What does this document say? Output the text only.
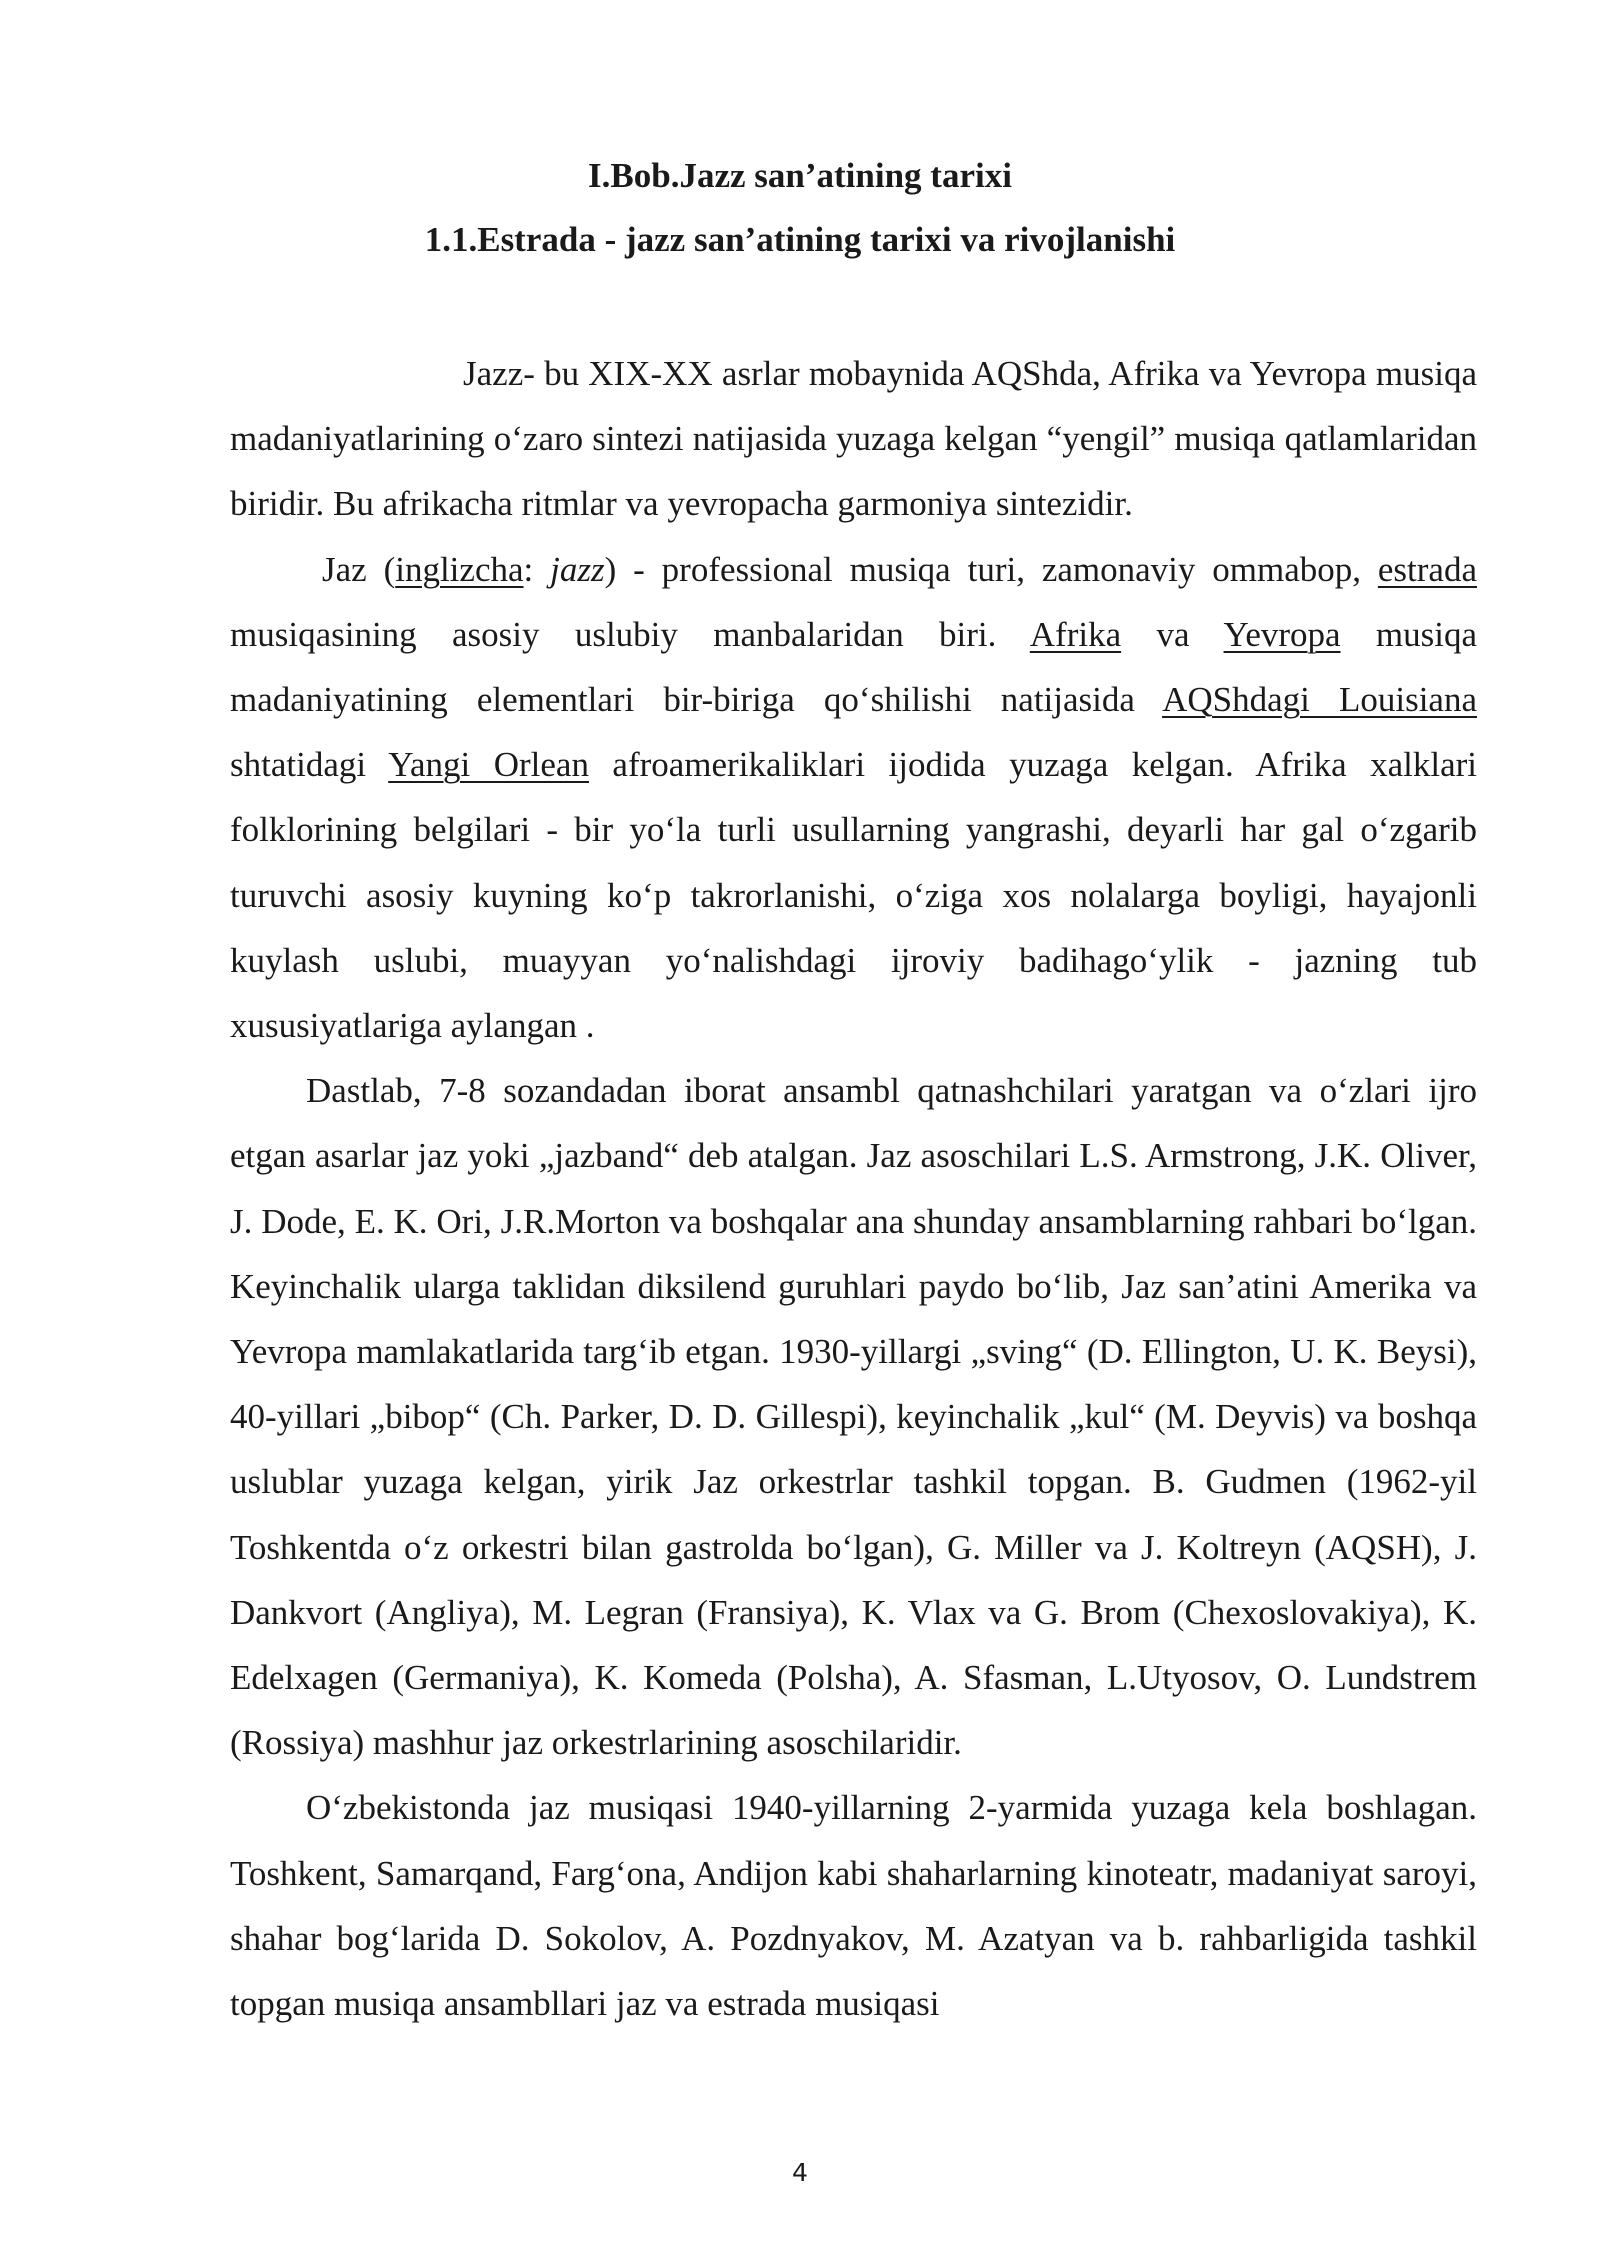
I.Bob.Jazz san’atining tarixi
1.1.Estrada - jazz san’atining tarixi va rivojlanishi

Jazz- bu XIX-XX asrlar mobaynida AQShda, Afrika va Yevropa musiqa madaniyatlarining o‘zaro sintezi natijasida yuzaga kelgan “yengil” musiqa qatlamlaridan biridir. Bu afrikacha ritmlar va yevropacha garmoniya sintezidir.

Jaz (inglizcha: jazz) - professional musiqa turi, zamonaviy ommabop, estrada musiqasining asosiy uslubiy manbalaridan biri. Afrika va Yevropa musiqa madaniyatining elementlari bir-biriga qo‘shilishi natijasida AQShdagi Louisiana shtatidagi Yangi Orlean afroamerikaliklari ijodida yuzaga kelgan. Afrika xalklari folklorining belgilari - bir yo‘la turli usullarning yangrashi, deyarli har gal o‘zgarib turuvchi asosiy kuyning ko‘p takrorlanishi, o‘ziga xos nolalarga boyligi, hayajonli kuylash uslubi, muayyan yo‘nalishdagi ijroviy badihago‘ylik - jazning tub xususiyatlariga aylangan .

Dastlab, 7-8 sozandadan iborat ansambl qatnashchilari yaratgan va o‘zlari ijro etgan asarlar jaz yoki „jazband“ deb atalgan. Jaz asoschilari L.S. Armstrong, J.K. Oliver, J. Dode, E. K. Ori, J.R.Morton va boshqalar ana shunday ansamblarning rahbari bo‘lgan. Keyinchalik ularga taklidan diksilend guruhlari paydo bo‘lib, Jaz san’atini Amerika va Yevropa mamlakatlarida targ‘ib etgan. 1930-yillargi „sving“ (D. Ellington, U. K. Beysi), 40-yillari „bibop“ (Ch. Parker, D. D. Gillespi), keyinchalik „kul“ (M. Deyvis) va boshqa uslublar yuzaga kelgan, yirik Jaz orkestrlar tashkil topgan. B. Gudmen (1962-yil Toshkentda o‘z orkestri bilan gastrolda bo‘lgan), G. Miller va J. Koltreyn (AQSH), J. Dankvort (Angliya), M. Legran (Fransiya), K. Vlax va G. Brom (Chexoslovakiya), K. Edelxagen (Germaniya), K. Komeda (Polsha), A. Sfasman, L.Utyosov, O. Lundstrem (Rossiya) mashhur jaz orkestrlarining asoschilaridir.

O‘zbekistonda jaz musiqasi 1940-yillarning 2-yarmida yuzaga kela boshlagan. Toshkent, Samarqand, Farg‘ona, Andijon kabi shaharlarning kinoteatr, madaniyat saroyi, shahar bog‘larida D. Sokolov, A. Pozdnyakov, M. Azatyan va b. rahbarligida tashkil topgan musiqa ansambllari jaz va estrada musiqasi

4
